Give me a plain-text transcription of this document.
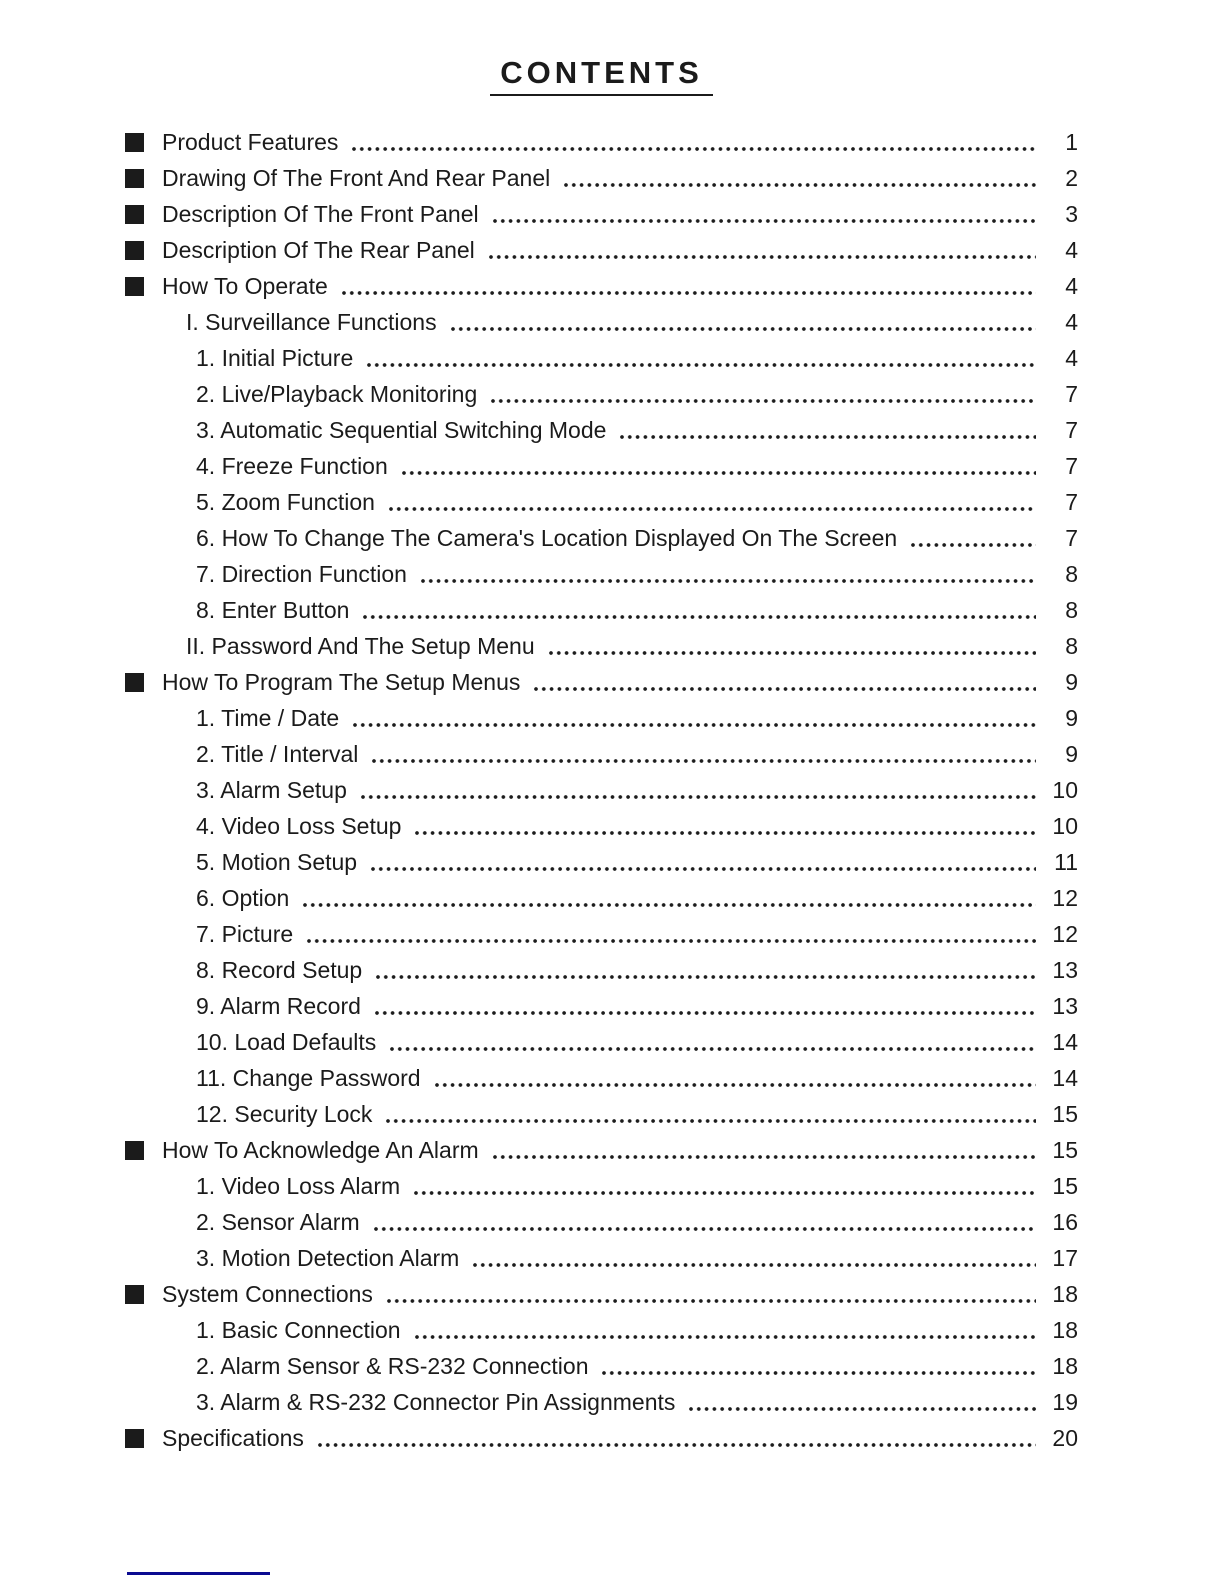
CONTENTS
Product Features	1
Drawing Of The Front And Rear Panel	2
Description Of The Front Panel	3
Description Of The Rear Panel	4
How To Operate	4
I. Surveillance Functions	4
1. Initial Picture	4
2. Live/Playback Monitoring	7
3. Automatic Sequential Switching Mode	7
4. Freeze Function	7
5. Zoom Function	7
6. How To Change The Camera's Location Displayed On The Screen	7
7. Direction Function	8
8. Enter Button	8
II. Password And The Setup Menu	8
How To Program The Setup Menus	9
1. Time / Date	9
2. Title / Interval	9
3. Alarm Setup	10
4. Video Loss Setup	10
5. Motion Setup	11
6. Option	12
7. Picture	12
8. Record Setup	13
9. Alarm Record	13
10. Load Defaults	14
11. Change Password	14
12. Security Lock	15
How To Acknowledge An Alarm	15
1. Video Loss Alarm	15
2. Sensor Alarm	16
3. Motion Detection Alarm	17
System Connections	18
1. Basic Connection	18
2. Alarm Sensor & RS-232 Connection	18
3. Alarm & RS-232 Connector Pin Assignments	19
Specifications	20
